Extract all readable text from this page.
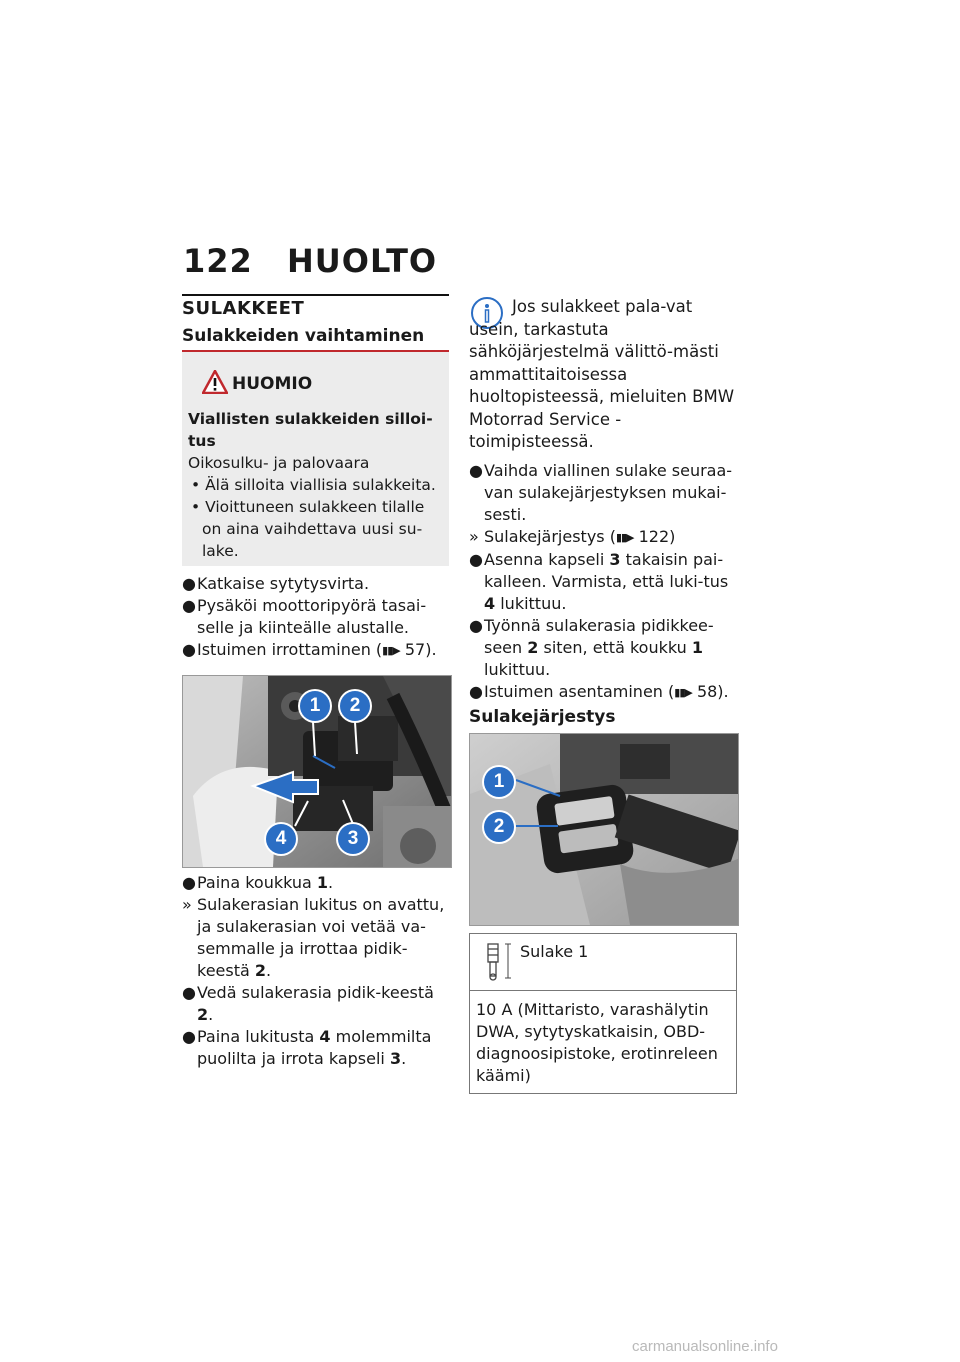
122 HUOLTO
SULAKKEET
Sulakkeiden vaihtaminen
HUOMIO
Viallisten sulakkeiden silloi-tus
Oikosulku- ja palovaara
• Älä silloita viallisia sulakkeita.
• Vioittuneen sulakkeen tilalle on aina vaihdettava uusi su-lake.
● Katkaise sytytysvirta.
● Pysäköi moottoripyörä tasai-selle ja kiinteälle alustalle.
● Istuimen irrottaminen (▮▮▶ 57).
1	2
4	3
● Paina koukkua 1.
» Sulakerasian lukitus on avattu, ja sulakerasian voi vetää va-semmalle ja irrottaa pidik-keestä 2.
● Vedä sulakerasia pidik-keestä 2.
● Paina lukitusta 4 molemmilta puolilta ja irrota kapseli 3.
Jos sulakkeet pala-vat usein, tarkastuta sähköjärjestelmä välittö-mästi ammattitaitoisessa huoltopisteessä, mieluiten BMW Motorrad Service -toimipisteessä.
● Vaihda viallinen sulake seuraa-van sulakejärjestyksen mukai-sesti.
» Sulakejärjestys (▮▮▶ 122)
● Asenna kapseli 3 takaisin pai-kalleen. Varmista, että luki-tus 4 lukittuu.
● Työnnä sulakerasia pidikkee-seen 2 siten, että koukku 1 lukittuu.
● Istuimen asentaminen (▮▮▶ 58).
Sulakejärjestys
1
2
Sulake 1
10 A (Mittaristo, varashälytin DWA, sytytyskatkaisin, OBD-diagnoosipistoke, erotinreleen käämi)
carmanualsonline.info
